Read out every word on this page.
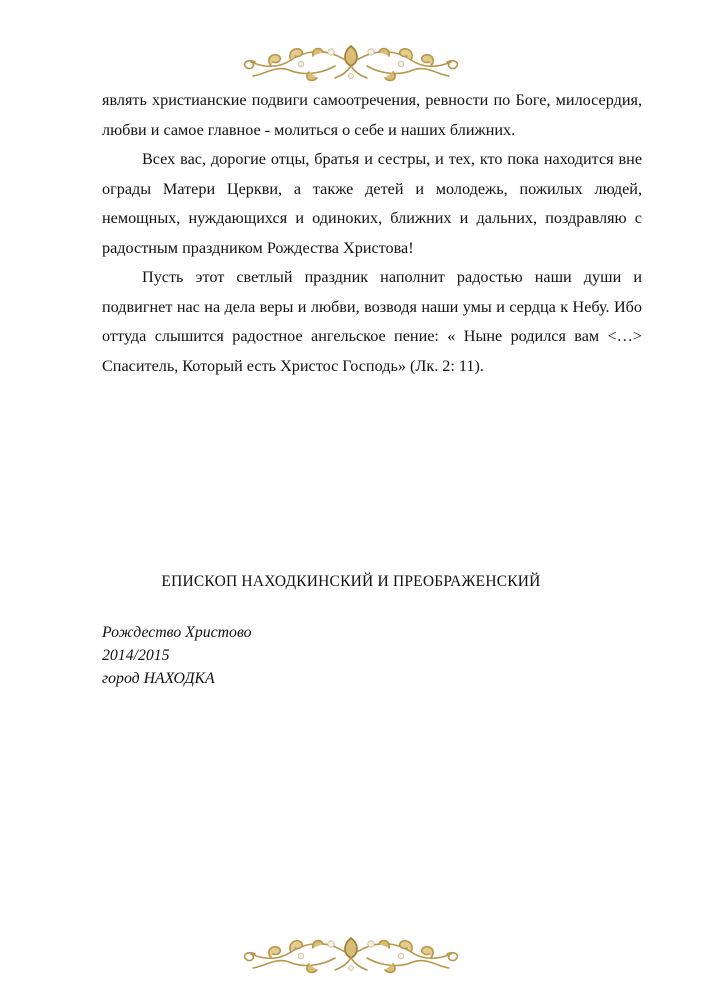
являть христианские подвиги самоотречения, ревности по Боге, милосердия, любви и самое главное - молиться о себе и наших ближних.

Всех вас, дорогие отцы, братья и сестры, и тех, кто пока находится вне ограды Матери Церкви, а также детей и молодежь, пожилых людей, немощных, нуждающихся и одиноких, ближних и дальних, поздравляю с радостным праздником Рождества Христова!

Пусть этот светлый праздник наполнит радостью наши души и подвигнет нас на дела веры и любви, возводя наши умы и сердца к Небу. Ибо оттуда слышится радостное ангельское пение: « Ныне родился вам <…> Спаситель, Который есть Христос Господь» (Лк. 2: 11).

ЕПИСКОП НАХОДКИНСКИЙ И ПРЕОБРАЖЕНСКИЙ
Рождество Христово
2014/2015
город НАХОДКА
